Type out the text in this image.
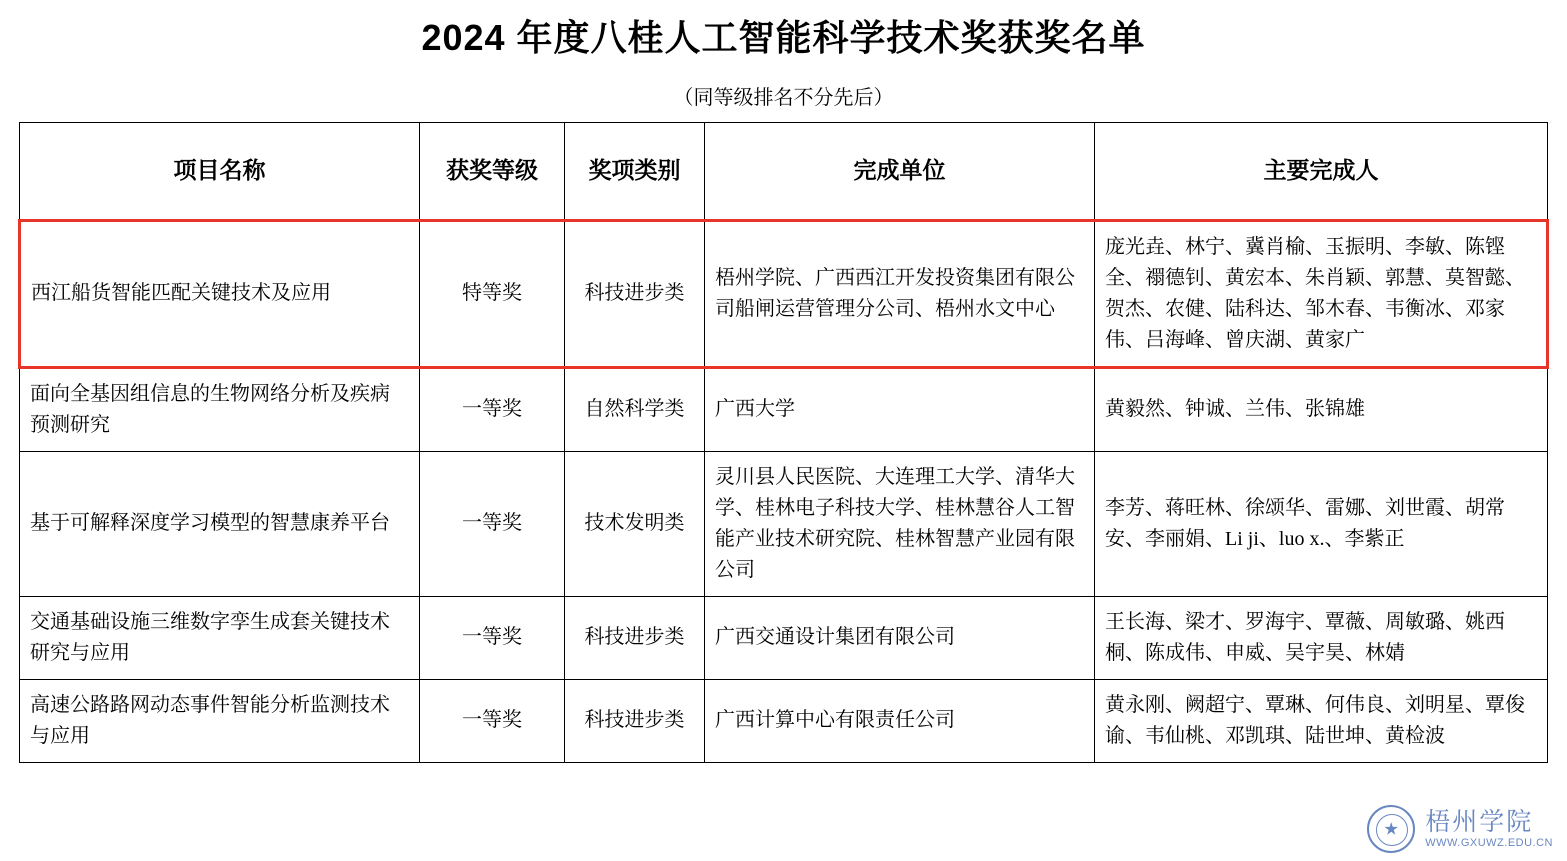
2024 年度八桂人工智能科学技术奖获奖名单
（同等级排名不分先后）
项目名称	获奖等级	奖项类别	完成单位	主要完成人
西江船货智能匹配关键技术及应用	特等奖	科技进步类	梧州学院、广西西江开发投资集团有限公司船闸运营管理分公司、梧州水文中心	庞光垚、林宁、冀肖榆、玉振明、李敏、陈铿全、禤德钊、黄宏本、朱肖颖、郭慧、莫智懿、贺杰、农健、陆科达、邹木春、韦衡冰、邓家伟、吕海峰、曾庆湖、黄家广
面向全基因组信息的生物网络分析及疾病预测研究	一等奖	自然科学类	广西大学	黄毅然、钟诚、兰伟、张锦雄
基于可解释深度学习模型的智慧康养平台	一等奖	技术发明类	灵川县人民医院、大连理工大学、清华大学、桂林电子科技大学、桂林慧谷人工智能产业技术研究院、桂林智慧产业园有限公司	李芳、蒋旺林、徐颂华、雷娜、刘世霞、胡常安、李丽娟、Li ji、luo x.、李紫正
交通基础设施三维数字孪生成套关键技术研究与应用	一等奖	科技进步类	广西交通设计集团有限公司	王长海、梁才、罗海宇、覃薇、周敏璐、姚西桐、陈成伟、申威、吴宇昊、林婧
高速公路路网动态事件智能分析监测技术与应用	一等奖	科技进步类	广西计算中心有限责任公司	黄永刚、阙超宁、覃琳、何伟良、刘明星、覃俊谕、韦仙桃、邓凯琪、陆世坤、黄检波
梧州学院
WWW.GXUWZ.EDU.CN
